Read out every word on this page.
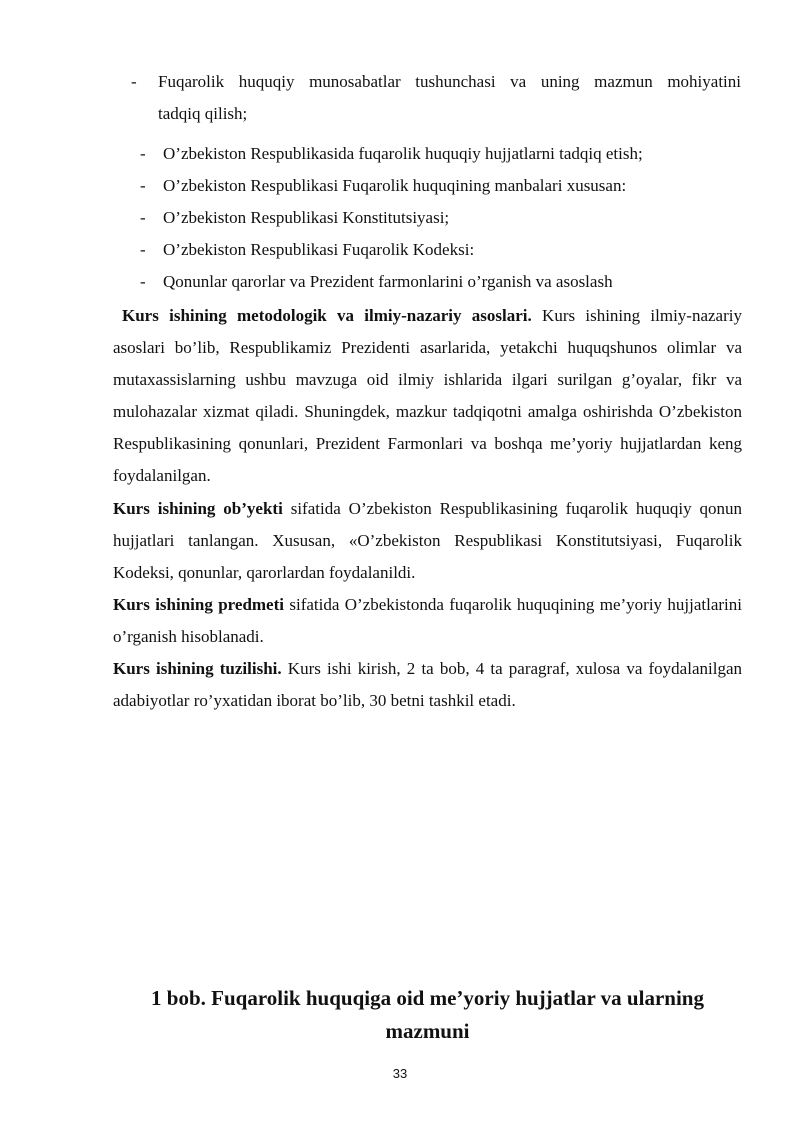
- Fuqarolik huquqiy munosabatlar tushunchasi va uning mazmun mohiyatini
tadqiq qilish;
- O’zbekiston Respublikasida fuqarolik huquqiy hujjatlarni tadqiq etish;
- O’zbekiston Respublikasi Fuqarolik huquqining manbalari xususan:
- O’zbekiston Respublikasi Konstitutsiyasi;
- O’zbekiston Respublikasi Fuqarolik Kodeksi:
- Qonunlar qarorlar va Prezident farmonlarini o’rganish va asoslash

Kurs ishining metodologik va ilmiy-nazariy asoslari. Kurs ishining ilmiy-nazariy asoslari bo’lib, Respublikamiz Prezidenti asarlarida, yetakchi huquqshunos olimlar va mutaxassislarning ushbu mavzuga oid ilmiy ishlarida ilgari surilgan g’oyalar, fikr va mulohazalar xizmat qiladi. Shuningdek, mazkur tadqiqotni amalga oshirishda O’zbekiston Respublikasining qonunlari, Prezident Farmonlari va boshqa me’yoriy hujjatlardan keng foydalanilgan.

Kurs ishining ob’yekti sifatida O’zbekiston Respublikasining fuqarolik huquqiy qonun hujjatlari tanlangan. Xususan, «O’zbekiston Respublikasi Konstitutsiyasi, Fuqarolik Kodeksi, qonunlar, qarorlardan foydalanildi.

Kurs ishining predmeti sifatida O’zbekistonda fuqarolik huquqining me’yoriy hujjatlarini o’rganish hisoblanadi.

Kurs ishining tuzilishi. Kurs ishi kirish, 2 ta bob, 4 ta paragraf, xulosa va foydalanilgan adabiyotlar ro’yxatidan iborat bo’lib, 30 betni tashkil etadi.

1 bob. Fuqarolik huquqiga oid me’yoriy hujjatlar va ularning
mazmuni
33
